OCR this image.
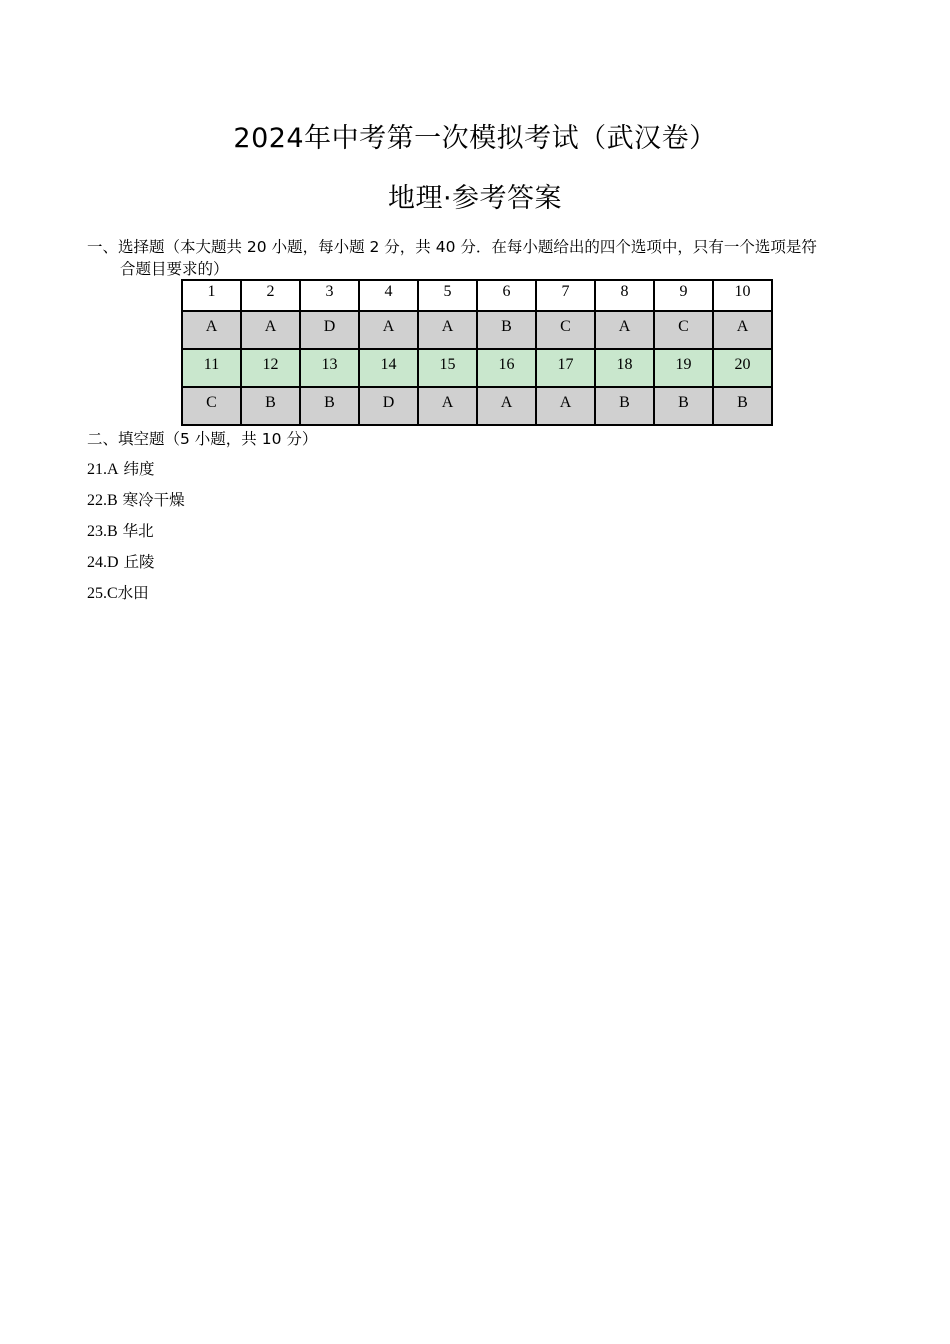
2024年中考第一次模拟考试（武汉卷）
地理·参考答案
一、选择题（本大题共 20 小题，每小题 2 分，共 40 分．在每小题给出的四个选项中，只有一个选项是符
合题目要求的）
1	2	3	4	5	6	7	8	9	10
A	A	D	A	A	B	C	A	C	A
11	12	13	14	15	16	17	18	19	20
C	B	B	D	A	A	A	B	B	B
二、填空题（5 小题，共 10 分）
21.A 纬度
22.B 寒冷干燥
23.B 华北
24.D 丘陵
25.C水田
